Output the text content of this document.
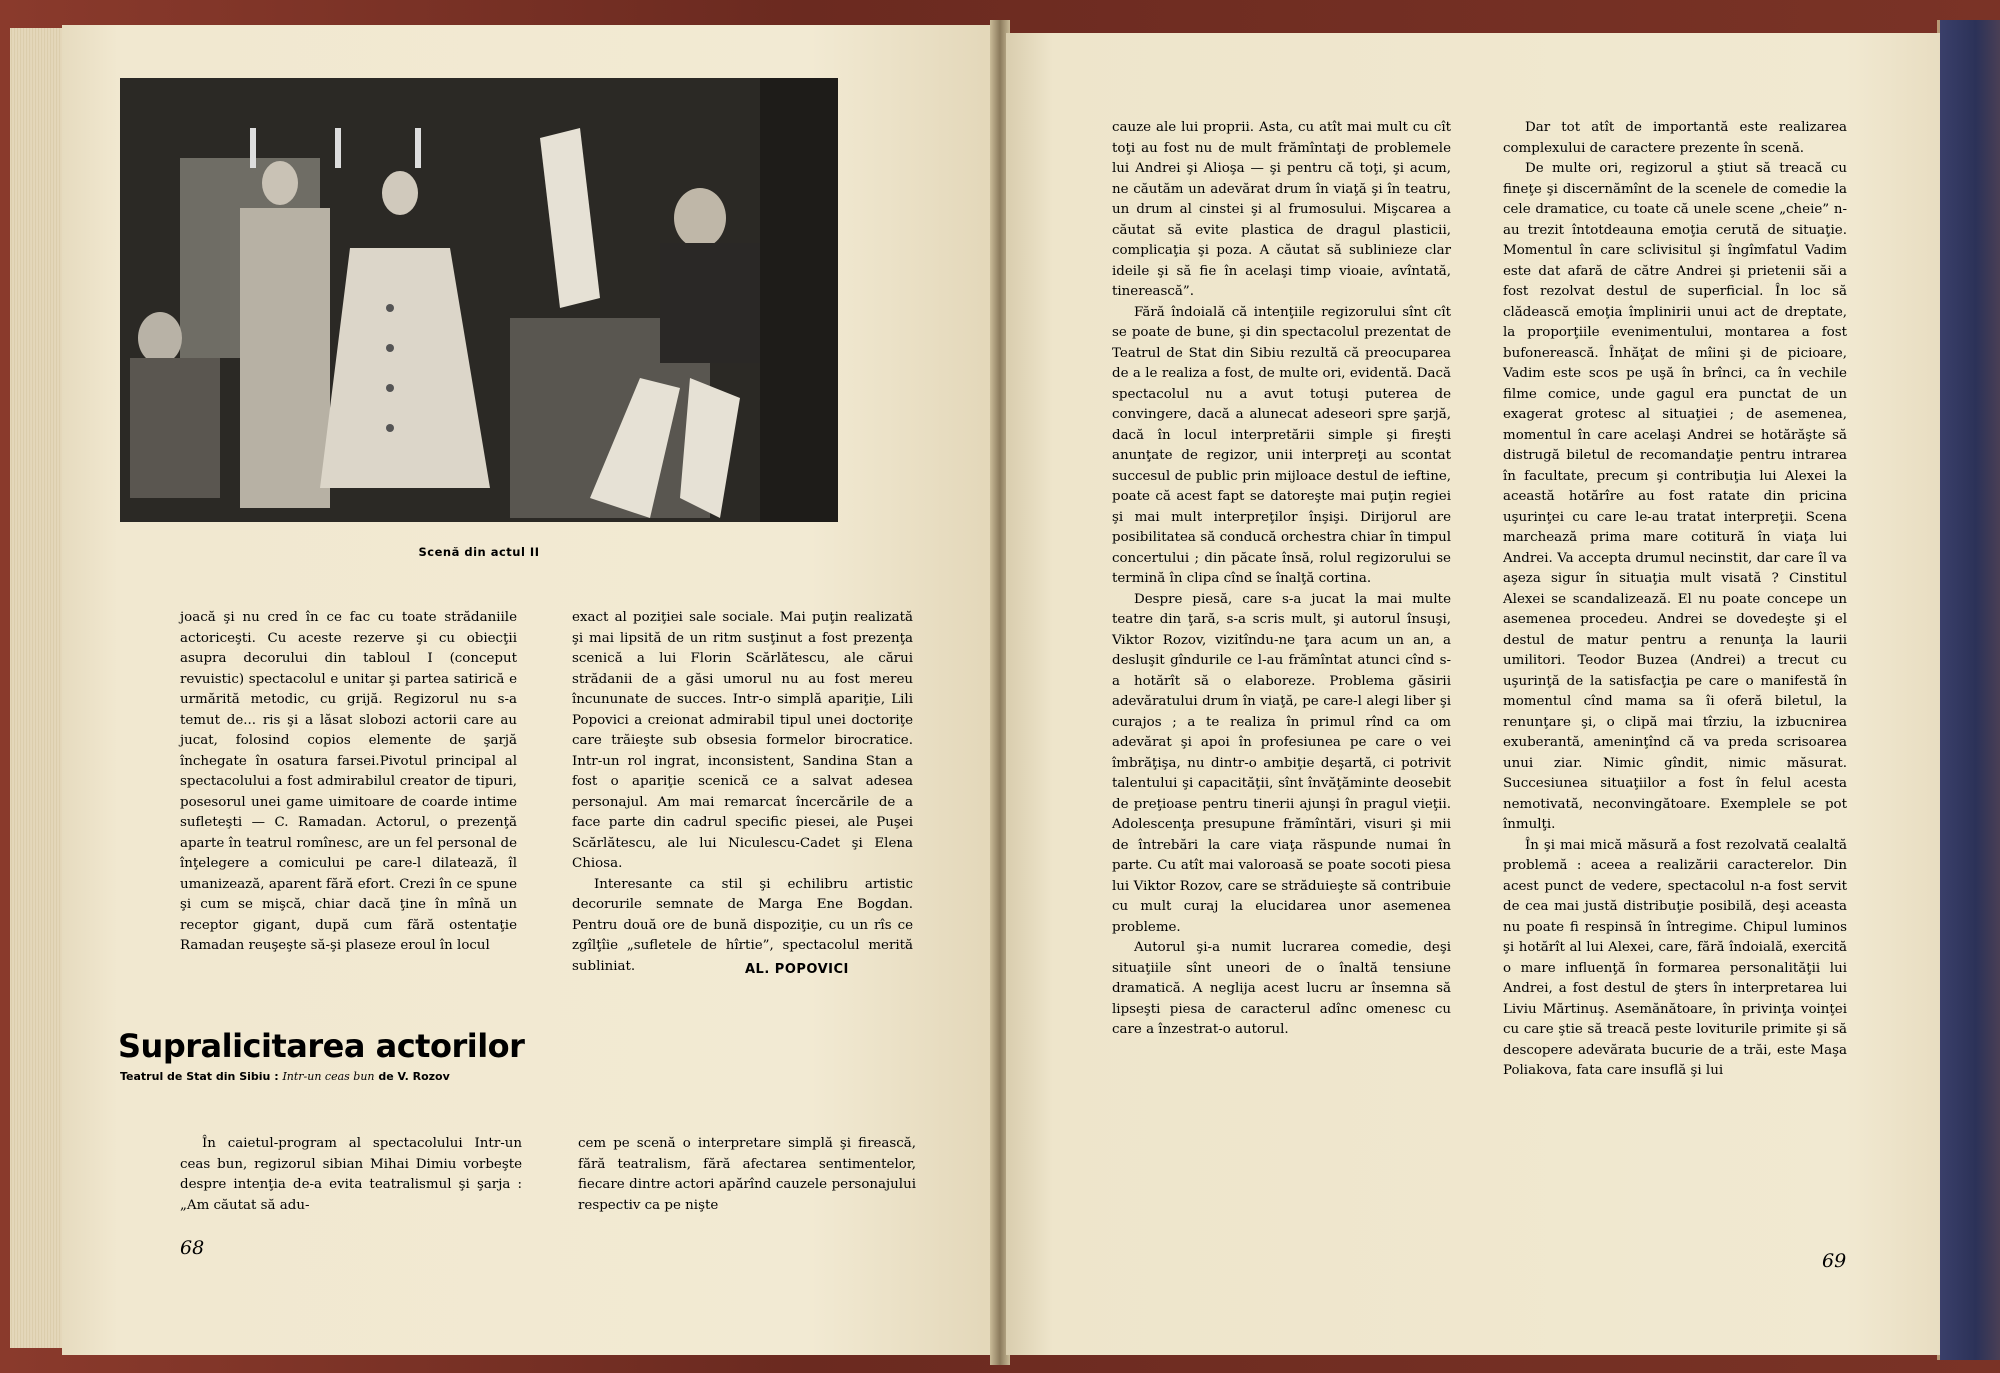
Scenă din actul II

joacă şi nu cred în ce fac cu toate strădaniile actoriceşti. Cu aceste rezerve şi cu obiecţii asupra decorului din tabloul I (conceput revuistic) spectacolul e unitar şi partea satirică e urmărită metodic, cu grijă. Regizorul nu s-a temut de... ris şi a lăsat slobozi actorii care au jucat, folosind copios elemente de şarjă închegate în osatura farsei.Pivotul principal al spectacolului a fost admirabilul creator de tipuri, posesorul unei game uimitoare de coarde intime sufleteşti — C. Ramadan. Actorul, o prezenţă aparte în teatrul romînesc, are un fel personal de înţelegere a comicului pe care-l dilatează, îl umanizează, aparent fără efort. Crezi în ce spune şi cum se mişcă, chiar dacă ţine în mînă un receptor gigant, după cum fără ostentaţie Ramadan reuşeşte să-şi plaseze eroul în locul

exact al poziţiei sale sociale. Mai puţin realizată şi mai lipsită de un ritm susţinut a fost prezenţa scenică a lui Florin Scărlătescu, ale cărui strădanii de a găsi umorul nu au fost mereu încununate de succes. Intr-o simplă apariţie, Lili Popovici a creionat admirabil tipul unei doctoriţe care trăieşte sub obsesia formelor birocratice. Intr-un rol ingrat, inconsistent, Sandina Stan a fost o apariţie scenică ce a salvat adesea personajul. Am mai remarcat încercările de a face parte din cadrul specific piesei, ale Puşei Scărlătescu, ale lui Niculescu-Cadet şi Elena Chiosa.

Interesante ca stil şi echilibru artistic decorurile semnate de Marga Ene Bogdan. Pentru două ore de bună dispoziţie, cu un rîs ce zgîlţîie „sufletele de hîrtie”, spectacolul merită subliniat.	AL. POPOVICI
Supralicitarea actorilor
Teatrul de Stat din Sibiu : Intr-un ceas bun de V. Rozov

În caietul-program al spectacolului Intr-un ceas bun, regizorul sibian Mihai Dimiu vorbeşte despre intenţia de-a evita teatralismul şi şarja : „Am căutat să adu-

cem pe scenă o interpretare simplă şi firească, fără teatralism, fără afectarea sentimentelor, fiecare dintre actori apărînd cauzele personajului respectiv ca pe nişte

68

cauze ale lui proprii. Asta, cu atît mai mult cu cît toţi au fost nu de mult frămîntaţi de problemele lui Andrei şi Alioşa — şi pentru că toţi, şi acum, ne căutăm un adevărat drum în viaţă şi în teatru, un drum al cinstei şi al frumosului. Mişcarea a căutat să evite plastica de dragul plasticii, complicaţia şi poza. A căutat să sublinieze clar ideile şi să fie în acelaşi timp vioaie, avîntată, tinerească”.

Fără îndoială că intenţiile regizorului sînt cît se poate de bune, şi din spectacolul prezentat de Teatrul de Stat din Sibiu rezultă că preocuparea de a le realiza a fost, de multe ori, evidentă. Dacă spectacolul nu a avut totuşi puterea de convingere, dacă a alunecat adeseori spre şarjă, dacă în locul interpretării simple şi fireşti anunţate de regizor, unii interpreţi au scontat succesul de public prin mijloace destul de ieftine, poate că acest fapt se datoreşte mai puţin regiei şi mai mult interpreţilor înşişi. Dirijorul are posibilitatea să conducă orchestra chiar în timpul concertului ; din păcate însă, rolul regizorului se termină în clipa cînd se înalţă cortina.

Despre piesă, care s-a jucat la mai multe teatre din ţară, s-a scris mult, şi autorul însuşi, Viktor Rozov, vizitîndu-ne ţara acum un an, a desluşit gîndurile ce l-au frămîntat atunci cînd s-a hotărît să o elaboreze. Problema găsirii adevăratului drum în viaţă, pe care-l alegi liber şi curajos ; a te realiza în primul rînd ca om adevărat şi apoi în profesiunea pe care o vei îmbrăţişa, nu dintr-o ambiţie deşartă, ci potrivit talentului şi capacităţii, sînt învăţăminte deosebit de preţioase pentru tinerii ajunşi în pragul vieţii. Adolescenţa presupune frămîntări, visuri şi mii de întrebări la care viaţa răspunde numai în parte. Cu atît mai valoroasă se poate socoti piesa lui Viktor Rozov, care se străduieşte să contribuie cu mult curaj la elucidarea unor asemenea probleme.

Autorul şi-a numit lucrarea comedie, deşi situaţiile sînt uneori de o înaltă tensiune dramatică. A neglija acest lucru ar însemna să lipseşti piesa de caracterul adînc omenesc cu care a înzestrat-o autorul.

Dar tot atît de importantă este realizarea complexului de caractere prezente în scenă.

De multe ori, regizorul a ştiut să treacă cu fineţe şi discernămînt de la scenele de comedie la cele dramatice, cu toate că unele scene „cheie” n-au trezit întotdeauna emoţia cerută de situaţie. Momentul în care sclivisitul şi îngîmfatul Vadim este dat afară de către Andrei şi prietenii săi a fost rezolvat destul de superficial. În loc să clădească emoţia împlinirii unui act de dreptate, la proporţiile evenimentului, montarea a fost bufonerească. Înhăţat de mîini şi de picioare, Vadim este scos pe uşă în brînci, ca în vechile filme comice, unde gagul era punctat de un exagerat grotesc al situaţiei ; de asemenea, momentul în care acelaşi Andrei se hotărăşte să distrugă biletul de recomandaţie pentru intrarea în facultate, precum şi contribuţia lui Alexei la această hotărîre au fost ratate din pricina uşurinţei cu care le-au tratat interpreţii. Scena marchează prima mare cotitură în viaţa lui Andrei. Va accepta drumul necinstit, dar care îl va aşeza sigur în situaţia mult visată ? Cinstitul Alexei se scandalizează. El nu poate concepe un asemenea procedeu. Andrei se dovedeşte şi el destul de matur pentru a renunţa la laurii umilitori. Teodor Buzea (Andrei) a trecut cu uşurinţă de la satisfacţia pe care o manifestă în momentul cînd mama sa îi oferă biletul, la renunţare şi, o clipă mai tîrziu, la izbucnirea exuberantă, ameninţînd că va preda scrisoarea unui ziar. Nimic gîndit, nimic măsurat. Succesiunea situaţiilor a fost în felul acesta nemotivată, neconvingătoare. Exemplele se pot înmulţi.

În şi mai mică măsură a fost rezolvată cealaltă problemă : aceea a realizării caracterelor. Din acest punct de vedere, spectacolul n-a fost servit de cea mai justă distribuţie posibilă, deşi aceasta nu poate fi respinsă în întregime. Chipul luminos şi hotărît al lui Alexei, care, fără îndoială, exercită o mare influenţă în formarea personalităţii lui Andrei, a fost destul de şters în interpretarea lui Liviu Mărtinuş. Asemănătoare, în privinţa voinţei cu care ştie să treacă peste loviturile primite şi să descopere adevărata bucurie de a trăi, este Maşa Poliakova, fata care insuflă şi lui

69
